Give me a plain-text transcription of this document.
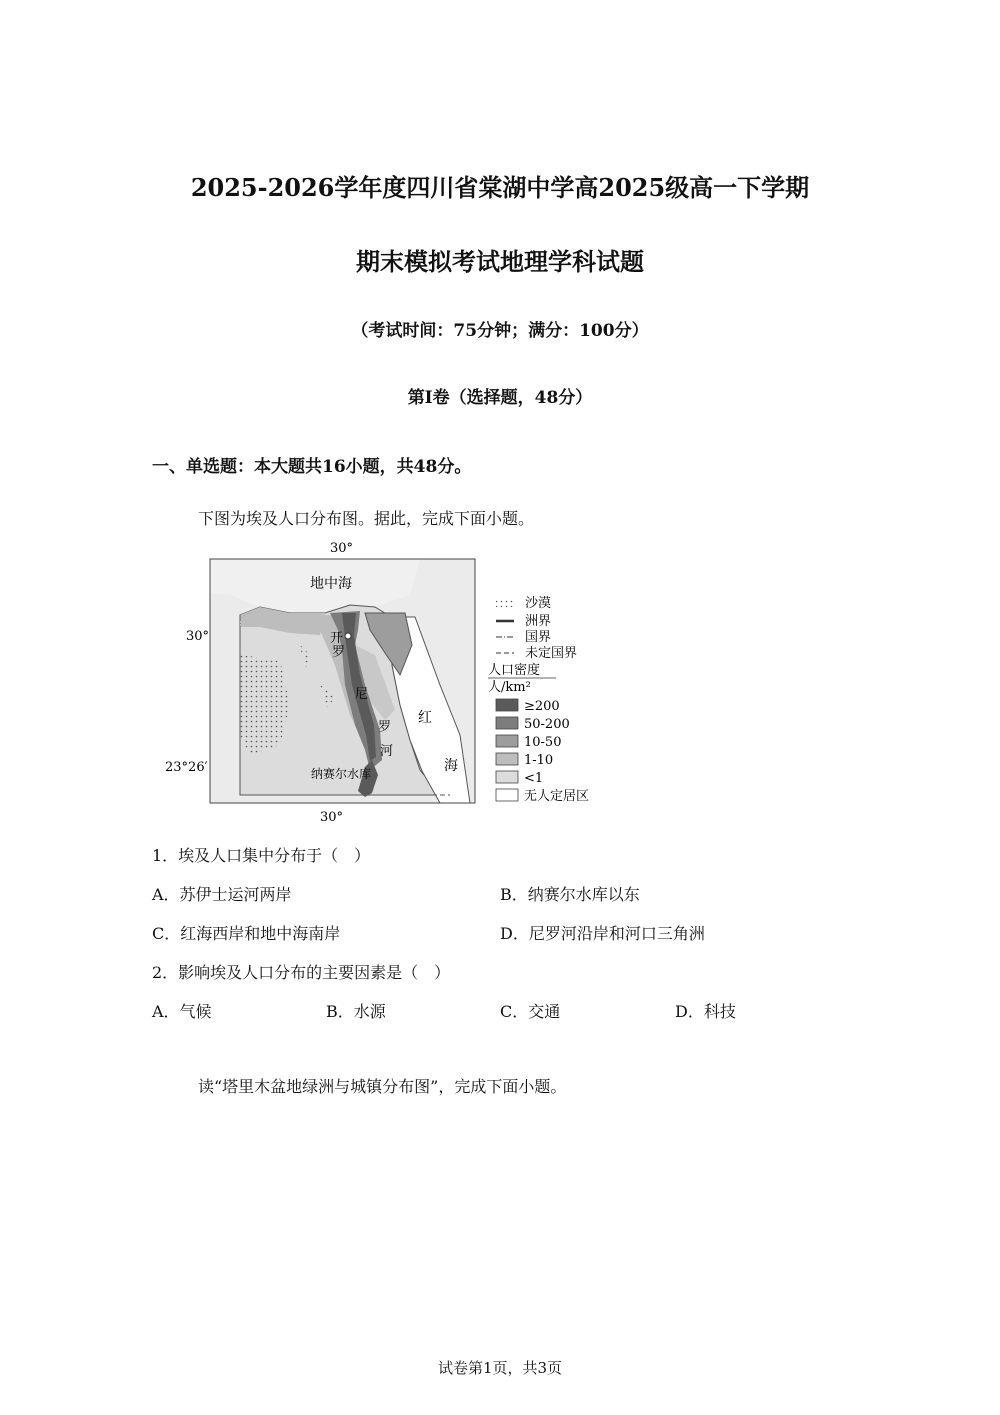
2025-2026学年度四川省棠湖中学高2025级高一下学期
期末模拟考试地理学科试题
（考试时间：75分钟；满分：100分）
第I卷（选择题，48分）
一、单选题：本大题共16小题，共48分。
下图为埃及人口分布图。据此，完成下面小题。
30°
30°
30°
23°26′
地中海
开
罗
尼
罗
河
红
海
纳赛尔水库
沙漠
洲界
国界
未定国界
人口密度
人/km²
≥200
50-200
10-50
1-10
<1
无人定居区
1．埃及人口集中分布于（　）
A．苏伊士运河两岸	B．纳赛尔水库以东
C．红海西岸和地中海南岸	D．尼罗河沿岸和河口三角洲
2．影响埃及人口分布的主要因素是（　）
A．气候	B．水源	C．交通	D．科技
读“塔里木盆地绿洲与城镇分布图”，完成下面小题。
试卷第1页，共3页
